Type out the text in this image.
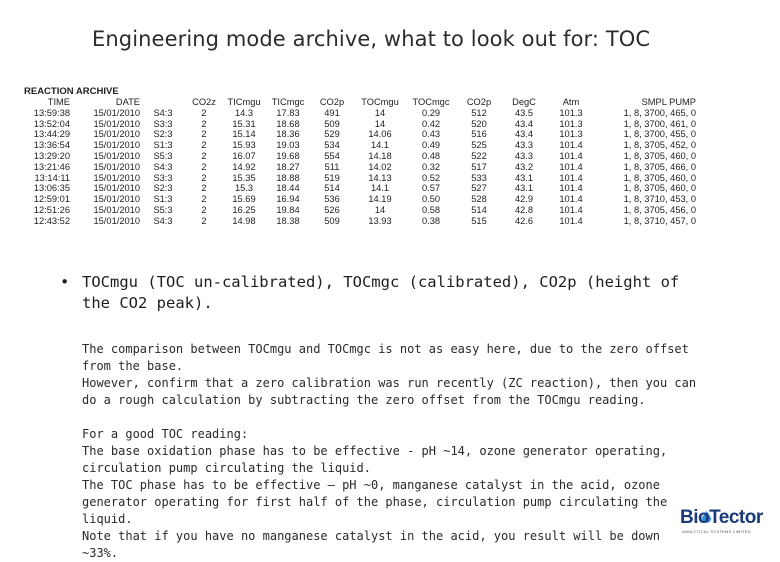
Engineering mode archive, what to look out for: TOC
REACTION ARCHIVE
TIME	DATE		CO2z	TICmgu	TICmgc	CO2p	TOCmgu	TOCmgc	CO2p	DegC	Atm	SMPL PUMP
13:59:38	15/01/2010	S4:3	2	14.3	17.83	491	14	0.29	512	43.5	101.3	1, 8, 3700, 465, 0
13:52:04	15/01/2010	S3:3	2	15.31	18.68	509	14	0.42	520	43.4	101.3	1, 8, 3700, 461, 0
13:44:29	15/01/2010	S2:3	2	15.14	18.36	529	14.06	0.43	516	43.4	101.3	1, 8, 3700, 455, 0
13:36:54	15/01/2010	S1:3	2	15.93	19.03	534	14.1	0.49	525	43.3	101.4	1, 8, 3705, 452, 0
13:29:20	15/01/2010	S5:3	2	16.07	19.68	554	14.18	0.48	522	43.3	101.4	1, 8, 3705, 460, 0
13:21:46	15/01/2010	S4:3	2	14.92	18.27	511	14.02	0.32	517	43.2	101.4	1, 8, 3705, 466, 0
13:14:11	15/01/2010	S3:3	2	15.35	18.88	519	14.13	0.52	533	43.1	101.4	1, 8, 3705, 460, 0
13:06:35	15/01/2010	S2:3	2	15.3	18.44	514	14.1	0.57	527	43.1	101.4	1, 8, 3705, 460, 0
12:59:01	15/01/2010	S1:3	2	15.69	16.94	536	14.19	0.50	528	42.9	101.4	1, 8, 3710, 453, 0
12:51:26	15/01/2010	S5:3	2	16.25	19.84	526	14	0.58	514	42.8	101.4	1, 8, 3705, 456, 0
12:43:52	15/01/2010	S4:3	2	14.98	18.38	509	13.93	0.38	515	42.6	101.4	1, 8, 3710, 457, 0
• TOCmgu (TOC un-calibrated), TOCmgc (calibrated), CO2p (height of the CO2 peak).
The comparison between TOCmgu and TOCmgc is not as easy here, due to the zero offset from the base.
However, confirm that a zero calibration was run recently (ZC reaction), then you can do a rough calculation by subtracting the zero offset from the TOCmgu reading.
For a good TOC reading:
The base oxidation phase has to be effective - pH ~14, ozone generator operating, circulation pump circulating the liquid.
The TOC phase has to be effective – pH ~0, manganese catalyst in the acid, ozone generator operating for first half of the phase, circulation pump circulating the liquid.
Note that if you have no manganese catalyst in the acid, you result will be down ~33%.
BioTector
ANALYTICAL SYSTEMS LIMITED
